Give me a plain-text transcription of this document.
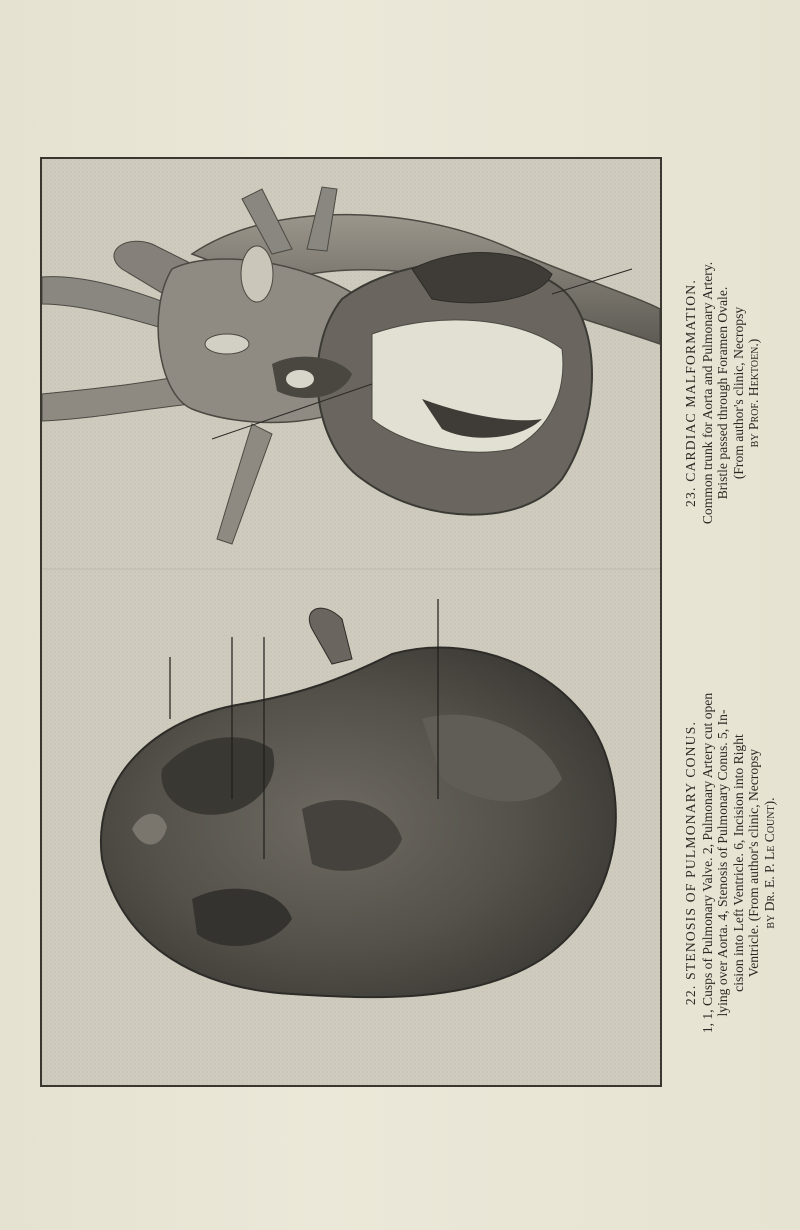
22. STENOSIS OF PULMONARY CONUS. 1, 1, Cusps of Pulmonary Valve. 2, Pulmonary Artery cut open lying over Aorta. 4, Stenosis of Pulmonary Conus. 5, In- cision into Left Ventricle. 6, Incision into Right Ventricle. (From author's clinic, Necropsy by Dr. E. P. Le Count).
23. CARDIAC MALFORMATION. Common trunk for Aorta and Pulmonary Artery. Bristle passed through Foramen Ovale. (From author's clinic, Necropsy by Prof. Hektoen.)
